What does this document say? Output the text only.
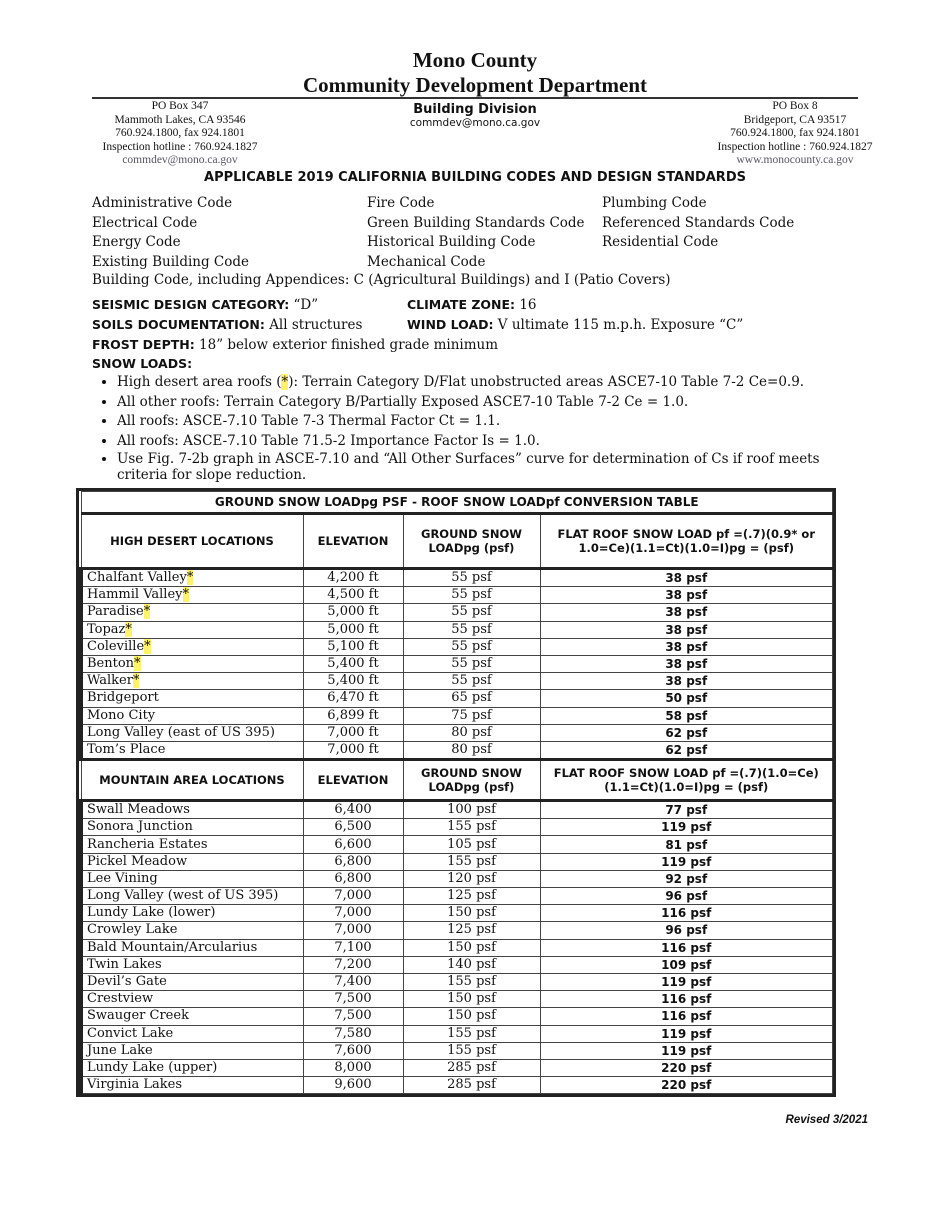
Mono County
Community Development Department
PO Box 347
Mammoth Lakes, CA 93546
760.924.1800, fax 924.1801
Inspection hotline : 760.924.1827
commdev@mono.ca.gov
Building Division
commdev@mono.ca.gov
PO Box 8
Bridgeport, CA 93517
760.924.1800, fax 924.1801
Inspection hotline : 760.924.1827
www.monocounty.ca.gov
APPLICABLE 2019 CALIFORNIA BUILDING CODES AND DESIGN STANDARDS
Administrative Code
Electrical Code
Energy Code
Existing Building Code
Fire Code
Green Building Standards Code
Historical Building Code
Mechanical Code
Plumbing Code
Referenced Standards Code
Residential Code
Building Code, including Appendices: C (Agricultural Buildings) and I (Patio Covers)
SEISMIC DESIGN CATEGORY: “D”	CLIMATE ZONE: 16
SOILS DOCUMENTATION: All structures	WIND LOAD: V ultimate 115 m.p.h. Exposure “C”
FROST DEPTH: 18” below exterior finished grade minimum
SNOW LOADS:
• High desert area roofs (*): Terrain Category D/Flat unobstructed areas ASCE7-10 Table 7-2 Ce=0.9.
• All other roofs: Terrain Category B/Partially Exposed ASCE7-10 Table 7-2 Ce = 1.0.
• All roofs: ASCE-7.10 Table 7-3 Thermal Factor Ct = 1.1.
• All roofs: ASCE-7.10 Table 71.5-2 Importance Factor Is = 1.0.
• Use Fig. 7-2b graph in ASCE-7.10 and “All Other Surfaces” curve for determination of Cs if roof meets criteria for slope reduction.
GROUND SNOW LOADpg PSF - ROOF SNOW LOADpf CONVERSION TABLE			
HIGH DESERT LOCATIONS	ELEVATION	GROUND SNOW LOADpg (psf)	FLAT ROOF SNOW LOAD pf =(.7)(0.9* or 1.0=Ce)(1.1=Ct)(1.0=I)pg = (psf)
Chalfant Valley*	4,200 ft	55 psf	38 psf
Hammil Valley*	4,500 ft	55 psf	38 psf
Paradise*	5,000 ft	55 psf	38 psf
Topaz*	5,000 ft	55 psf	38 psf
Coleville*	5,100 ft	55 psf	38 psf
Benton*	5,400 ft	55 psf	38 psf
Walker*	5,400 ft	55 psf	38 psf
Bridgeport	6,470 ft	65 psf	50 psf
Mono City	6,899 ft	75 psf	58 psf
Long Valley (east of US 395)	7,000 ft	80 psf	62 psf
Tom’s Place	7,000 ft	80 psf	62 psf
MOUNTAIN AREA LOCATIONS	ELEVATION	GROUND SNOW LOADpg (psf)	FLAT ROOF SNOW LOAD pf =(.7)(1.0=Ce)(1.1=Ct)(1.0=I)pg = (psf)
Swall Meadows	6,400	100 psf	77 psf
Sonora Junction	6,500	155 psf	119 psf
Rancheria Estates	6,600	105 psf	81 psf
Pickel Meadow	6,800	155 psf	119 psf
Lee Vining	6,800	120 psf	92 psf
Long Valley (west of US 395)	7,000	125 psf	96 psf
Lundy Lake (lower)	7,000	150 psf	116 psf
Crowley Lake	7,000	125 psf	96 psf
Bald Mountain/Arcularius	7,100	150 psf	116 psf
Twin Lakes	7,200	140 psf	109 psf
Devil’s Gate	7,400	155 psf	119 psf
Crestview	7,500	150 psf	116 psf
Swauger Creek	7,500	150 psf	116 psf
Convict Lake	7,580	155 psf	119 psf
June Lake	7,600	155 psf	119 psf
Lundy Lake (upper)	8,000	285 psf	220 psf
Virginia Lakes	9,600	285 psf	220 psf
Revised 3/2021
